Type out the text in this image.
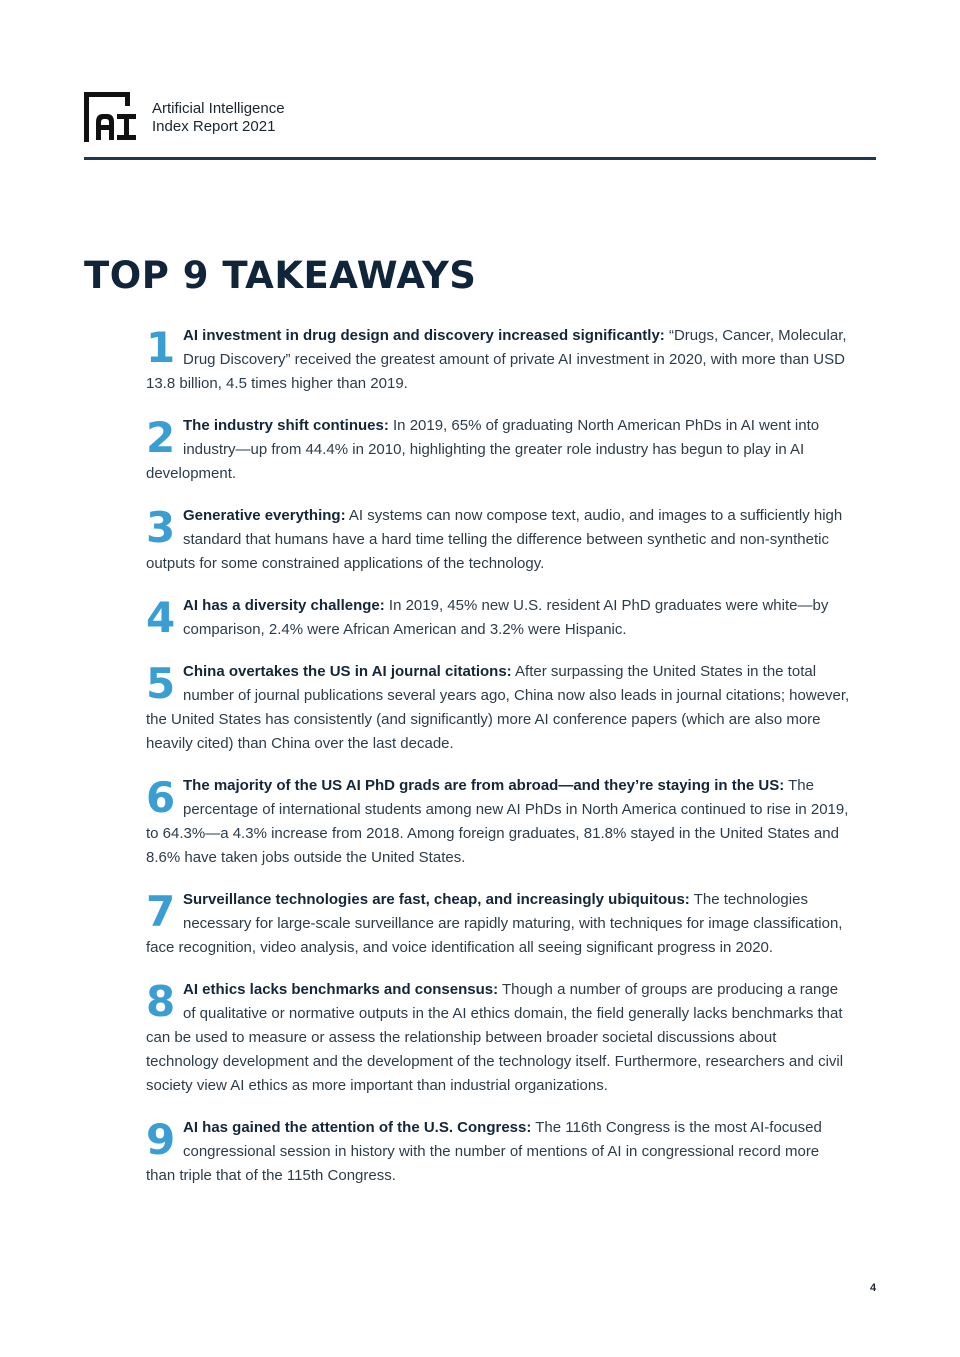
Artificial Intelligence
Index Report 2021
TOP 9 TAKEAWAYS
1 AI investment in drug design and discovery increased significantly: “Drugs, Cancer, Molecular, Drug Discovery” received the greatest amount of private AI investment in 2020, with more than USD 13.8 billion, 4.5 times higher than 2019.
2 The industry shift continues: In 2019, 65% of graduating North American PhDs in AI went into industry—up from 44.4% in 2010, highlighting the greater role industry has begun to play in AI development.
3 Generative everything: AI systems can now compose text, audio, and images to a sufficiently high standard that humans have a hard time telling the difference between synthetic and non-synthetic outputs for some constrained applications of the technology.
4 AI has a diversity challenge: In 2019, 45% new U.S. resident AI PhD graduates were white—by comparison, 2.4% were African American and 3.2% were Hispanic.
5 China overtakes the US in AI journal citations: After surpassing the United States in the total number of journal publications several years ago, China now also leads in journal citations; however, the United States has consistently (and significantly) more AI conference papers (which are also more heavily cited) than China over the last decade.
6 The majority of the US AI PhD grads are from abroad—and they’re staying in the US: The percentage of international students among new AI PhDs in North America continued to rise in 2019, to 64.3%—a 4.3% increase from 2018. Among foreign graduates, 81.8% stayed in the United States and 8.6% have taken jobs outside the United States.
7 Surveillance technologies are fast, cheap, and increasingly ubiquitous: The technologies necessary for large-scale surveillance are rapidly maturing, with techniques for image classification, face recognition, video analysis, and voice identification all seeing significant progress in 2020.
8 AI ethics lacks benchmarks and consensus: Though a number of groups are producing a range of qualitative or normative outputs in the AI ethics domain, the field generally lacks benchmarks that can be used to measure or assess the relationship between broader societal discussions about technology development and the development of the technology itself. Furthermore, researchers and civil society view AI ethics as more important than industrial organizations.
9 AI has gained the attention of the U.S. Congress: The 116th Congress is the most AI-focused congressional session in history with the number of mentions of AI in congressional record more than triple that of the 115th Congress.
4
